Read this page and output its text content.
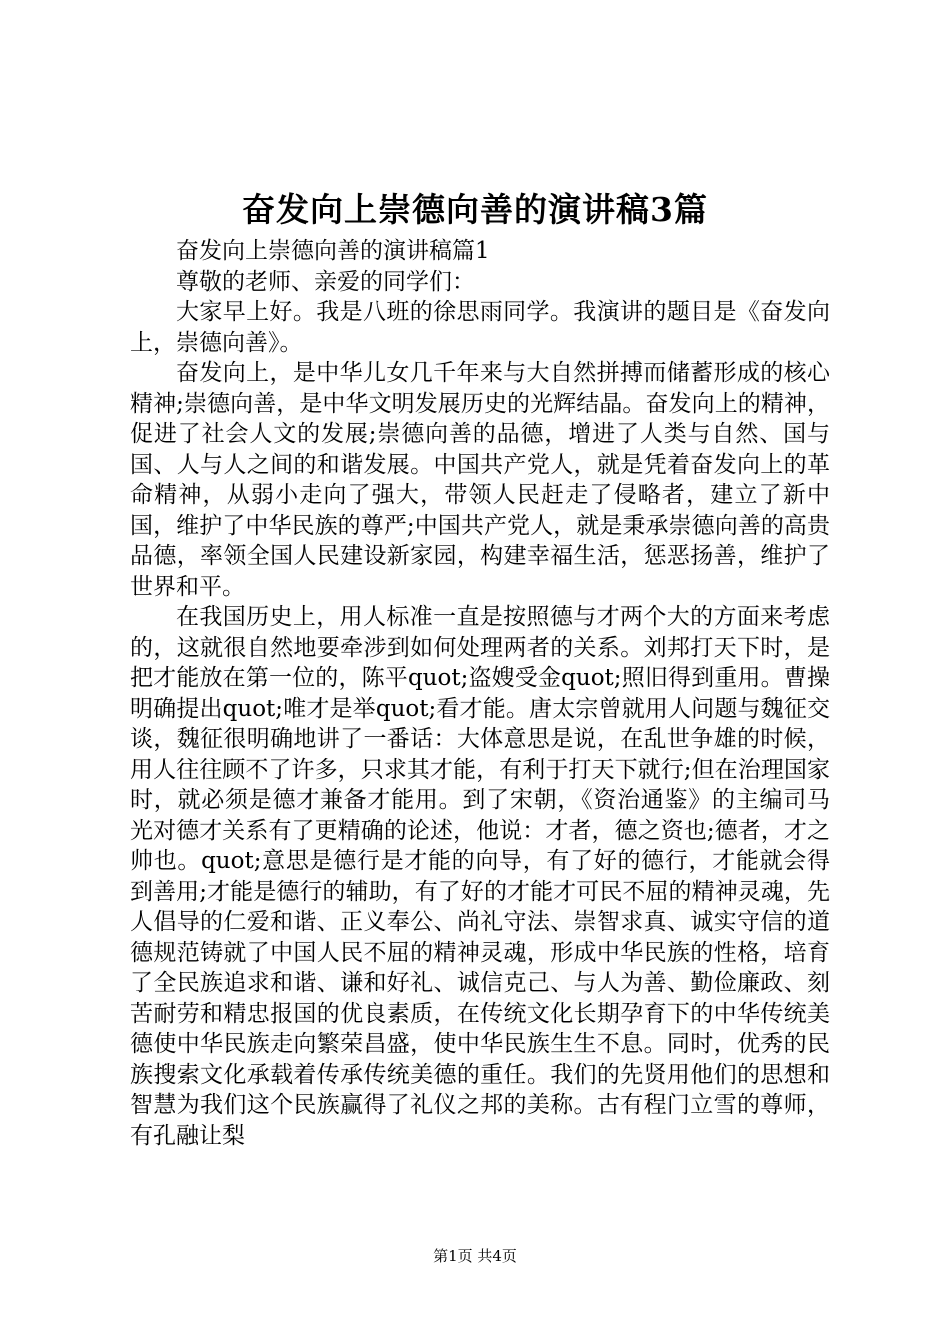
奋发向上崇德向善的演讲稿3篇

奋发向上崇德向善的演讲稿篇1

尊敬的老师、亲爱的同学们：

大家早上好。我是八班的徐思雨同学。我演讲的题目是《奋发向上，崇德向善》。

奋发向上，是中华儿女几千年来与大自然拼搏而储蓄形成的核心精神;崇德向善，是中华文明发展历史的光辉结晶。奋发向上的精神，促进了社会人文的发展;崇德向善的品德，增进了人类与自然、国与国、人与人之间的和谐发展。中国共产党人，就是凭着奋发向上的革命精神，从弱小走向了强大，带领人民赶走了侵略者，建立了新中国，维护了中华民族的尊严;中国共产党人，就是秉承崇德向善的高贵品德，率领全国人民建设新家园，构建幸福生活，惩恶扬善，维护了世界和平。

在我国历史上，用人标准一直是按照德与才两个大的方面来考虑的，这就很自然地要牵涉到如何处理两者的关系。刘邦打天下时，是把才能放在第一位的，陈平quot;盗嫂受金quot;照旧得到重用。曹操明确提出quot;唯才是举quot;看才能。唐太宗曾就用人问题与魏征交谈，魏征很明确地讲了一番话：大体意思是说，在乱世争雄的时候，用人往往顾不了许多，只求其才能，有利于打天下就行;但在治理国家时，就必须是德才兼备才能用。到了宋朝，《资治通鉴》的主编司马光对德才关系有了更精确的论述，他说：才者，德之资也;德者，才之帅也。quot;意思是德行是才能的向导，有了好的德行，才能就会得到善用;才能是德行的辅助，有了好的才能才可民不屈的精神灵魂，先人倡导的仁爱和谐、正义奉公、尚礼守法、崇智求真、诚实守信的道德规范铸就了中国人民不屈的精神灵魂，形成中华民族的性格，培育了全民族追求和谐、谦和好礼、诚信克己、与人为善、勤俭廉政、刻苦耐劳和精忠报国的优良素质，在传统文化长期孕育下的中华传统美德使中华民族走向繁荣昌盛，使中华民族生生不息。同时，优秀的民族搜索文化承载着传承传统美德的重任。我们的先贤用他们的思想和智慧为我们这个民族赢得了礼仪之邦的美称。古有程门立雪的尊师，有孔融让梨

第1页 共4页
